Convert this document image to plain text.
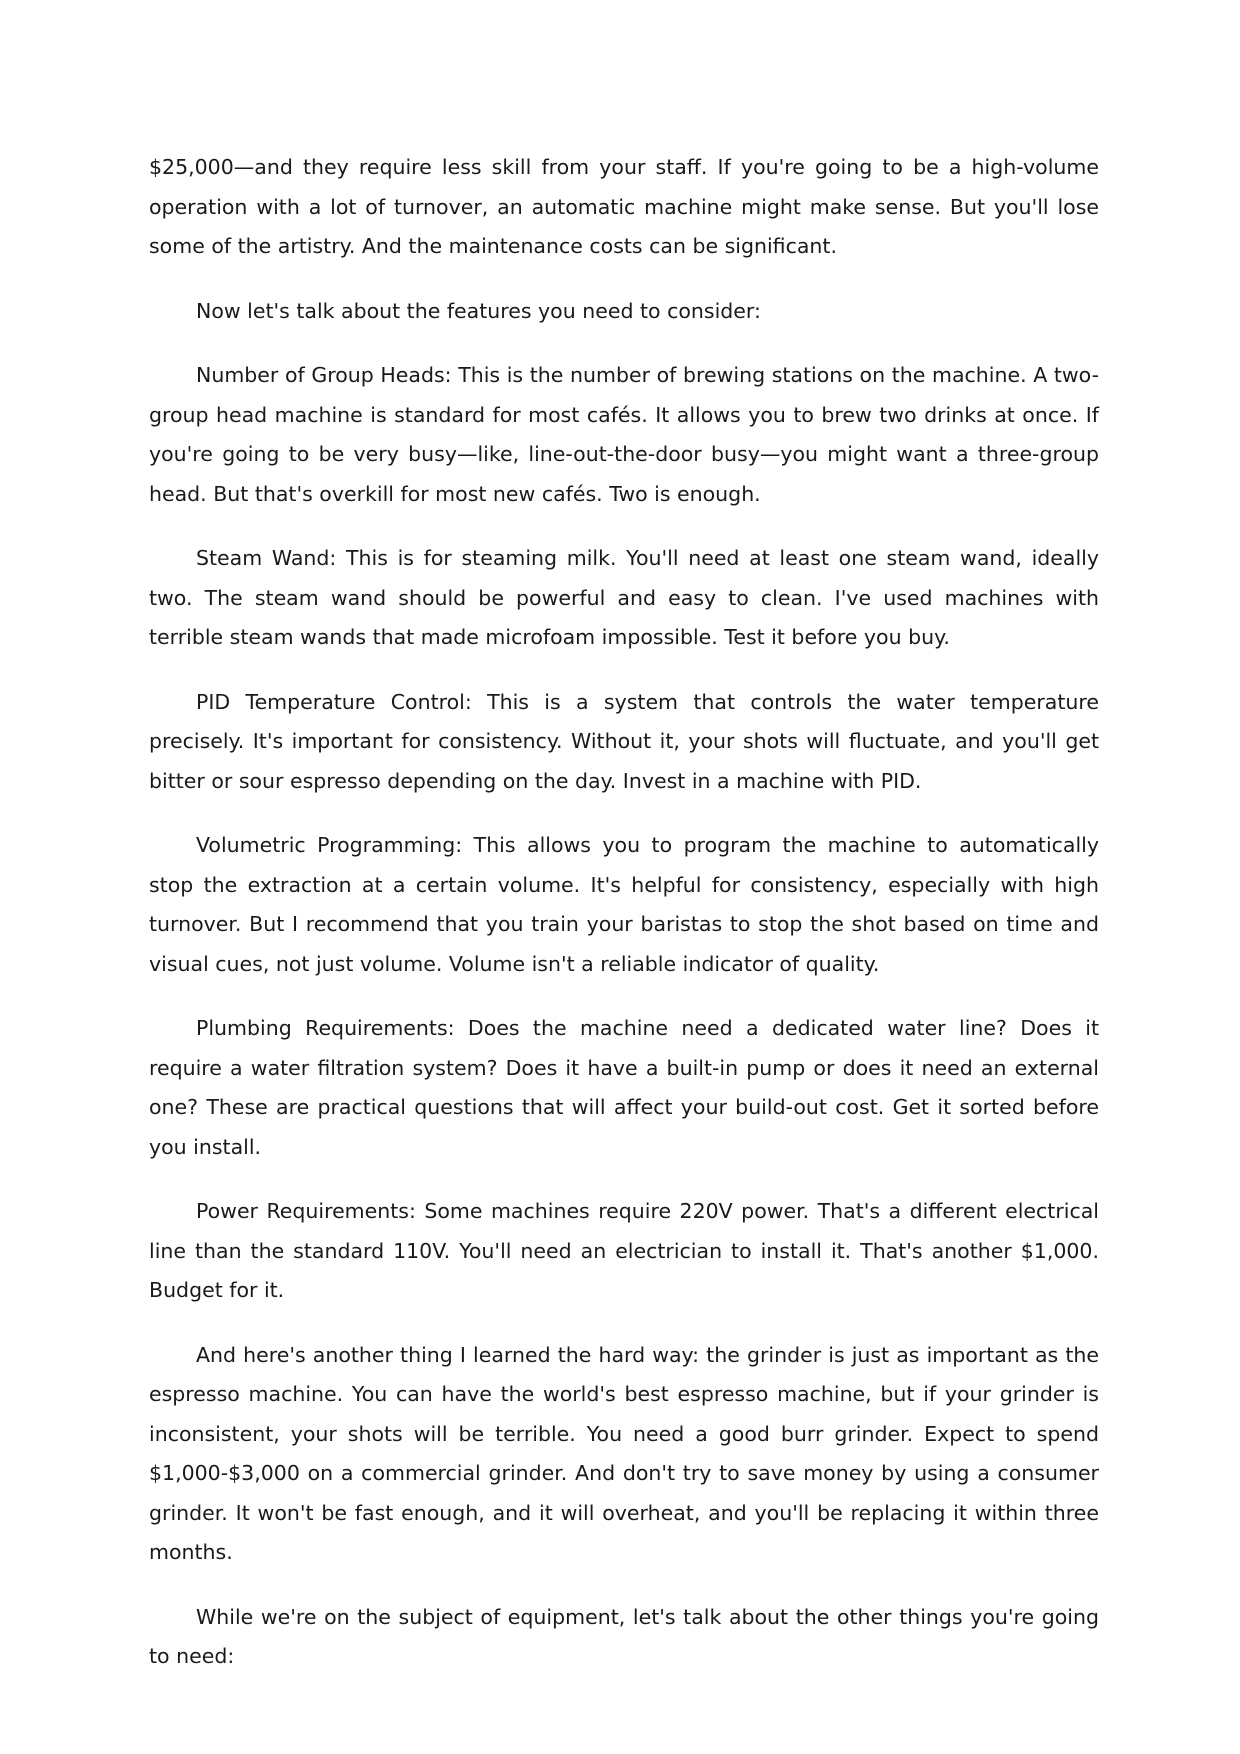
$25,000—and they require less skill from your staff. If you're going to be a high-volume operation with a lot of turnover, an automatic machine might make sense. But you'll lose some of the artistry. And the maintenance costs can be significant.

Now let's talk about the features you need to consider:

Number of Group Heads: This is the number of brewing stations on the machine. A two-group head machine is standard for most cafés. It allows you to brew two drinks at once. If you're going to be very busy—like, line-out-the-door busy—you might want a three-group head. But that's overkill for most new cafés. Two is enough.

Steam Wand: This is for steaming milk. You'll need at least one steam wand, ideally two. The steam wand should be powerful and easy to clean. I've used machines with terrible steam wands that made microfoam impossible. Test it before you buy.

PID Temperature Control: This is a system that controls the water temperature precisely. It's important for consistency. Without it, your shots will fluctuate, and you'll get bitter or sour espresso depending on the day. Invest in a machine with PID.

Volumetric Programming: This allows you to program the machine to automatically stop the extraction at a certain volume. It's helpful for consistency, especially with high turnover. But I recommend that you train your baristas to stop the shot based on time and visual cues, not just volume. Volume isn't a reliable indicator of quality.

Plumbing Requirements: Does the machine need a dedicated water line? Does it require a water filtration system? Does it have a built-in pump or does it need an external one? These are practical questions that will affect your build-out cost. Get it sorted before you install.

Power Requirements: Some machines require 220V power. That's a different electrical line than the standard 110V. You'll need an electrician to install it. That's another $1,000. Budget for it.

And here's another thing I learned the hard way: the grinder is just as important as the espresso machine. You can have the world's best espresso machine, but if your grinder is inconsistent, your shots will be terrible. You need a good burr grinder. Expect to spend $1,000-$3,000 on a commercial grinder. And don't try to save money by using a consumer grinder. It won't be fast enough, and it will overheat, and you'll be replacing it within three months.

While we're on the subject of equipment, let's talk about the other things you're going to need:
